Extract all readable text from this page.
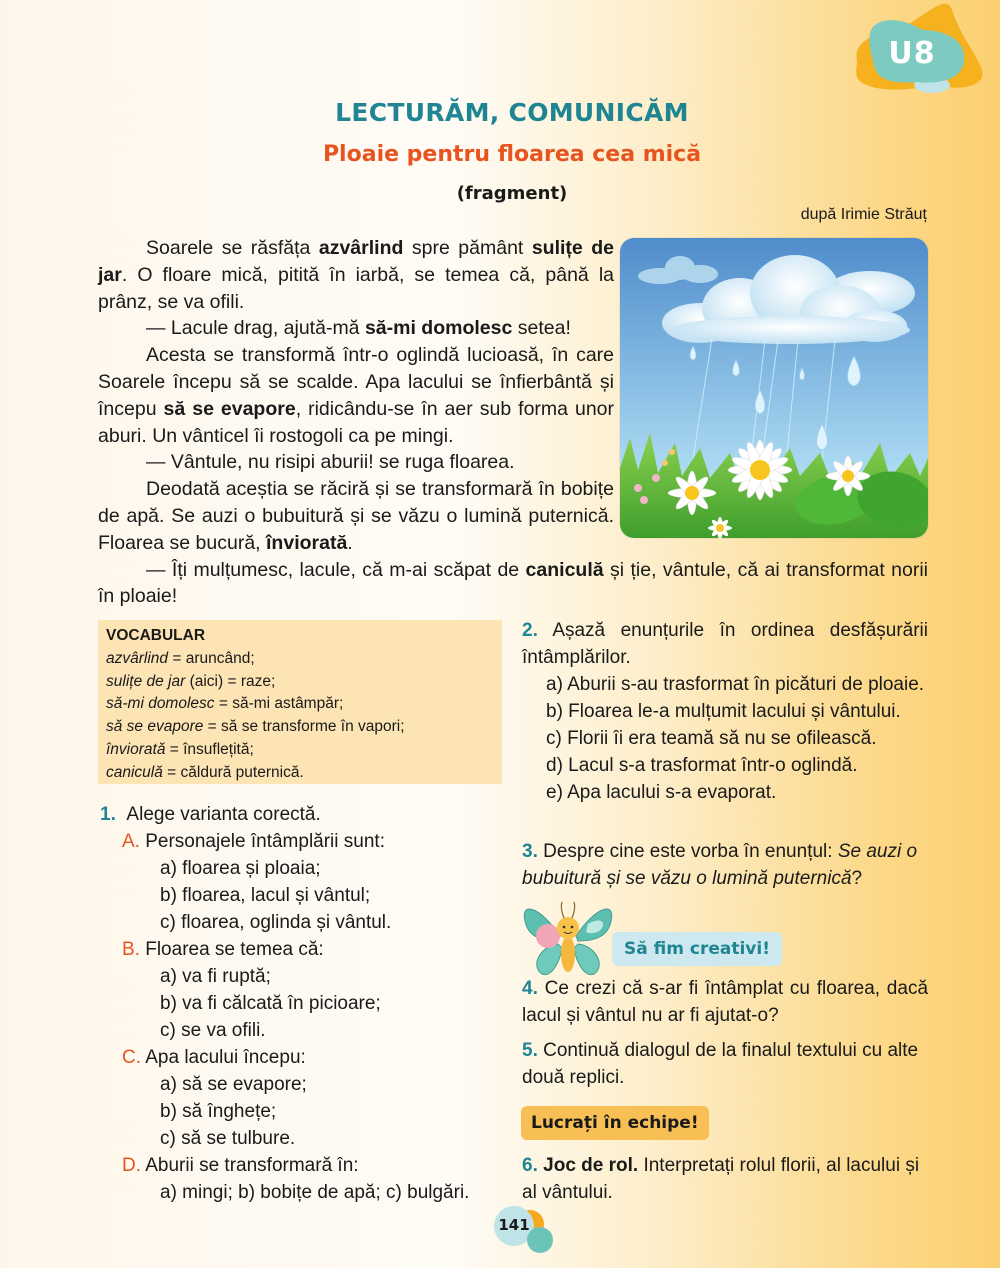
U8
LECTURĂM, COMUNICĂM
Ploaie pentru floarea cea mică
(fragment)
după Irimie Străuț

Soarele se răsfăța azvârlind spre pământ sulițe de jar. O floare mică, pitită în iarbă, se temea că, până la prânz, se va ofili.

— Lacule drag, ajută-mă să-mi domolesc setea!

Acesta se transformă într-o oglindă lucioasă, în care Soarele începu să se scalde. Apa lacului se înfierbântă și începu să se evapore, ridicându-se în aer sub forma unor aburi. Un vânticel îi rostogoli ca pe mingi.

— Vântule, nu risipi aburii! se ruga floarea.

Deodată aceștia se răciră și se transformară în bobițe de apă. Se auzi o bubuitură și se văzu o lumină puternică. Floarea se bucură, înviorată.

— Îți mulțumesc, lacule, că m-ai scăpat de caniculă și ție, vântule, că ai transformat norii în ploaie!

VOCABULAR
azvârlind = aruncând;
sulițe de jar (aici) = raze;
să-mi domolesc = să-mi astâmpăr;
să se evapore = să se transforme în vapori;
înviorată = însuflețită;
caniculă = căldură puternică.
1. Alege varianta corectă.
A. Personajele întâmplării sunt:
a) floarea și ploaia;
b) floarea, lacul și vântul;
c) floarea, oglinda și vântul.
B. Floarea se temea că:
a) va fi ruptă;
b) va fi călcată în picioare;
c) se va ofili.
C. Apa lacului începu:
a) să se evapore;
b) să înghețe;
c) să se tulbure.
D. Aburii se transformară în:
a) mingi; b) bobițe de apă; c) bulgări.

2. Așază enunțurile în ordinea desfășurării întâmplărilor.

a) Aburii s-au trasformat în picături de ploaie.

b) Floarea le-a mulțumit lacului și vântului.

c) Florii îi era teamă să nu se ofilească.

d) Lacul s-a trasformat într-o oglindă.

e) Apa lacului s-a evaporat.

3. Despre cine este vorba în enunțul: Se auzi o bubuitură și se văzu o lumină puternică?

Să fim creativi!

4. Ce crezi că s-ar fi întâmplat cu floarea, dacă lacul și vântul nu ar fi ajutat-o?

5. Continuă dialogul de la finalul textului cu alte două replici.

Lucrați în echipe!

6. Joc de rol. Interpretați rolul florii, al lacului și al vântului.

141
